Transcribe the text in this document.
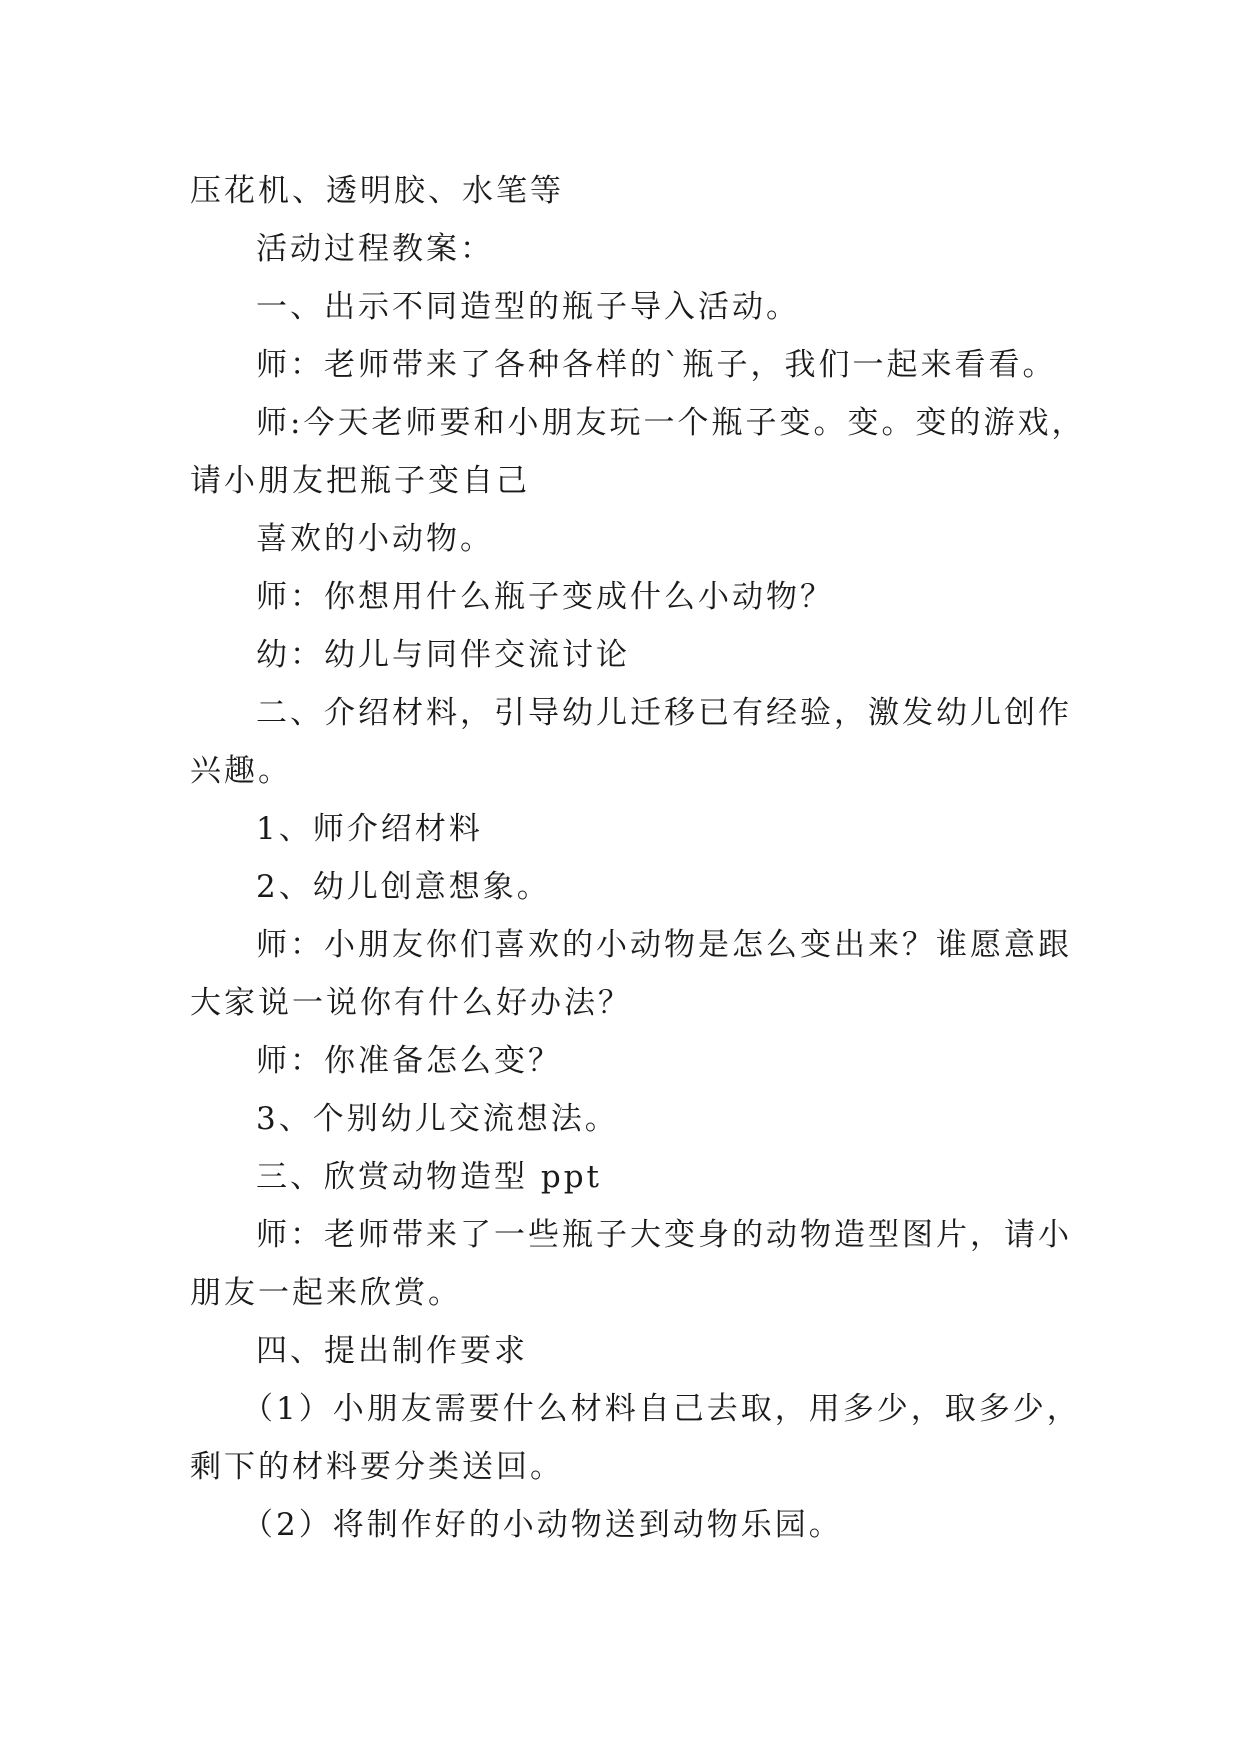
压花机、透明胶、水笔等

活动过程教案：

一、出示不同造型的瓶子导入活动。

师：老师带来了各种各样的`瓶子，我们一起来看看。

师:今天老师要和小朋友玩一个瓶子变。变。变的游戏，

请小朋友把瓶子变自己

喜欢的小动物。

师：你想用什么瓶子变成什么小动物？

幼：幼儿与同伴交流讨论

二、介绍材料，引导幼儿迁移已有经验，激发幼儿创作

兴趣。

1、师介绍材料

2、幼儿创意想象。

师：小朋友你们喜欢的小动物是怎么变出来？谁愿意跟

大家说一说你有什么好办法？

师：你准备怎么变？

3、个别幼儿交流想法。

三、欣赏动物造型 ppt

师：老师带来了一些瓶子大变身的动物造型图片，请小

朋友一起来欣赏。

四、提出制作要求

（1）小朋友需要什么材料自己去取，用多少，取多少，

剩下的材料要分类送回。

（2）将制作好的小动物送到动物乐园。
